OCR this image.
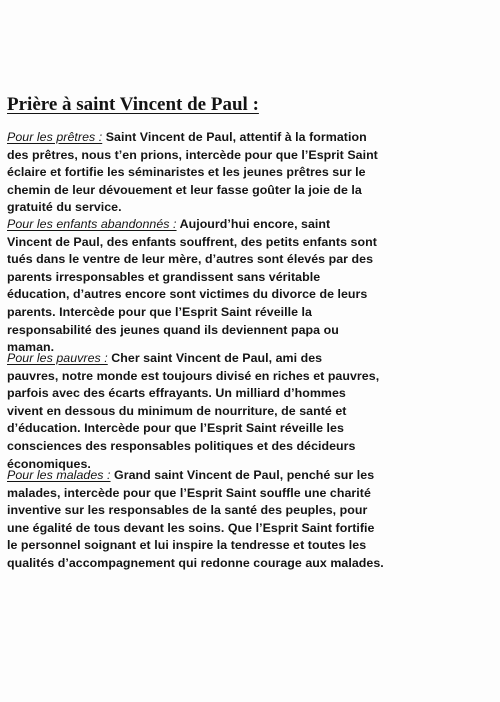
Prière à saint Vincent de Paul :
Pour les prêtres : Saint Vincent de Paul, attentif à la formation
des prêtres, nous t’en prions, intercède pour que l’Esprit Saint
éclaire et fortifie les séminaristes et les jeunes prêtres sur le
chemin de leur dévouement et leur fasse goûter la joie de la
gratuité du service.
Pour les enfants abandonnés : Aujourd’hui encore, saint
Vincent de Paul, des enfants souffrent, des petits enfants sont
tués dans le ventre de leur mère, d’autres sont élevés par des
parents irresponsables et grandissent sans véritable
éducation, d’autres encore sont victimes du divorce de leurs
parents. Intercède pour que l’Esprit Saint réveille la
responsabilité des jeunes quand ils deviennent papa ou
maman.
Pour les pauvres : Cher saint Vincent de Paul, ami des
pauvres, notre monde est toujours divisé en riches et pauvres,
parfois avec des écarts effrayants. Un milliard d’hommes
vivent en dessous du minimum de nourriture, de santé et
d’éducation. Intercède pour que l’Esprit Saint réveille les
consciences des responsables politiques et des décideurs
économiques.
Pour les malades : Grand saint Vincent de Paul, penché sur les
malades, intercède pour que l’Esprit Saint souffle une charité
inventive sur les responsables de la santé des peuples, pour
une égalité de tous devant les soins. Que l’Esprit Saint fortifie
le personnel soignant et lui inspire la tendresse et toutes les
qualités d’accompagnement qui redonne courage aux malades.
